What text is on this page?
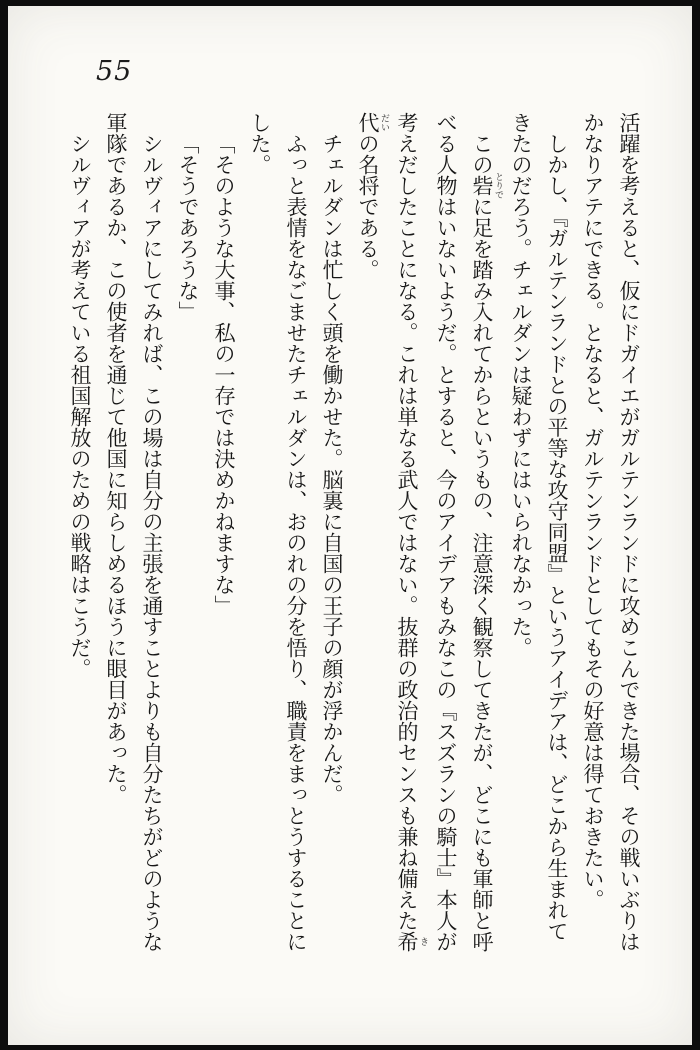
55
活躍を考えると、仮にドガイエがガルテンランドに攻めこんできた場合、その戦いぶりは
かなりアテにできる。となると、ガルテンランドとしてもその好意は得ておきたい。
しかし、『ガルテンランドとの平等な攻守同盟』というアイデアは、どこから生まれて
きたのだろう。チェルダンは疑わずにはいられなかった。
この砦 とりでに足を踏み入れてからというもの、注意深く観察してきたが、どこにも軍師と呼
べる人物はいないようだ。とすると、今のアイデアもみなこの『スズランの騎士』本人が
考えだしたことになる。これは単なる武人ではない。抜群の政治的センスも兼ね備えた希 き
代 だいの名将である。
チェルダンは忙しく頭を働かせた。脳裏に自国の王子の顔が浮かんだ。
ふっと表情をなごませたチェルダンは、おのれの分を悟り、職責をまっとうすることに
した。
「そのような大事、私の一存では決めかねますな」
「そうであろうな」
シルヴィアにしてみれば、この場は自分の主張を通すことよりも自分たちがどのような
軍隊であるか、この使者を通じて他国に知らしめるほうに眼目があった。
シルヴィアが考えている祖国解放のための戦略はこうだ。
